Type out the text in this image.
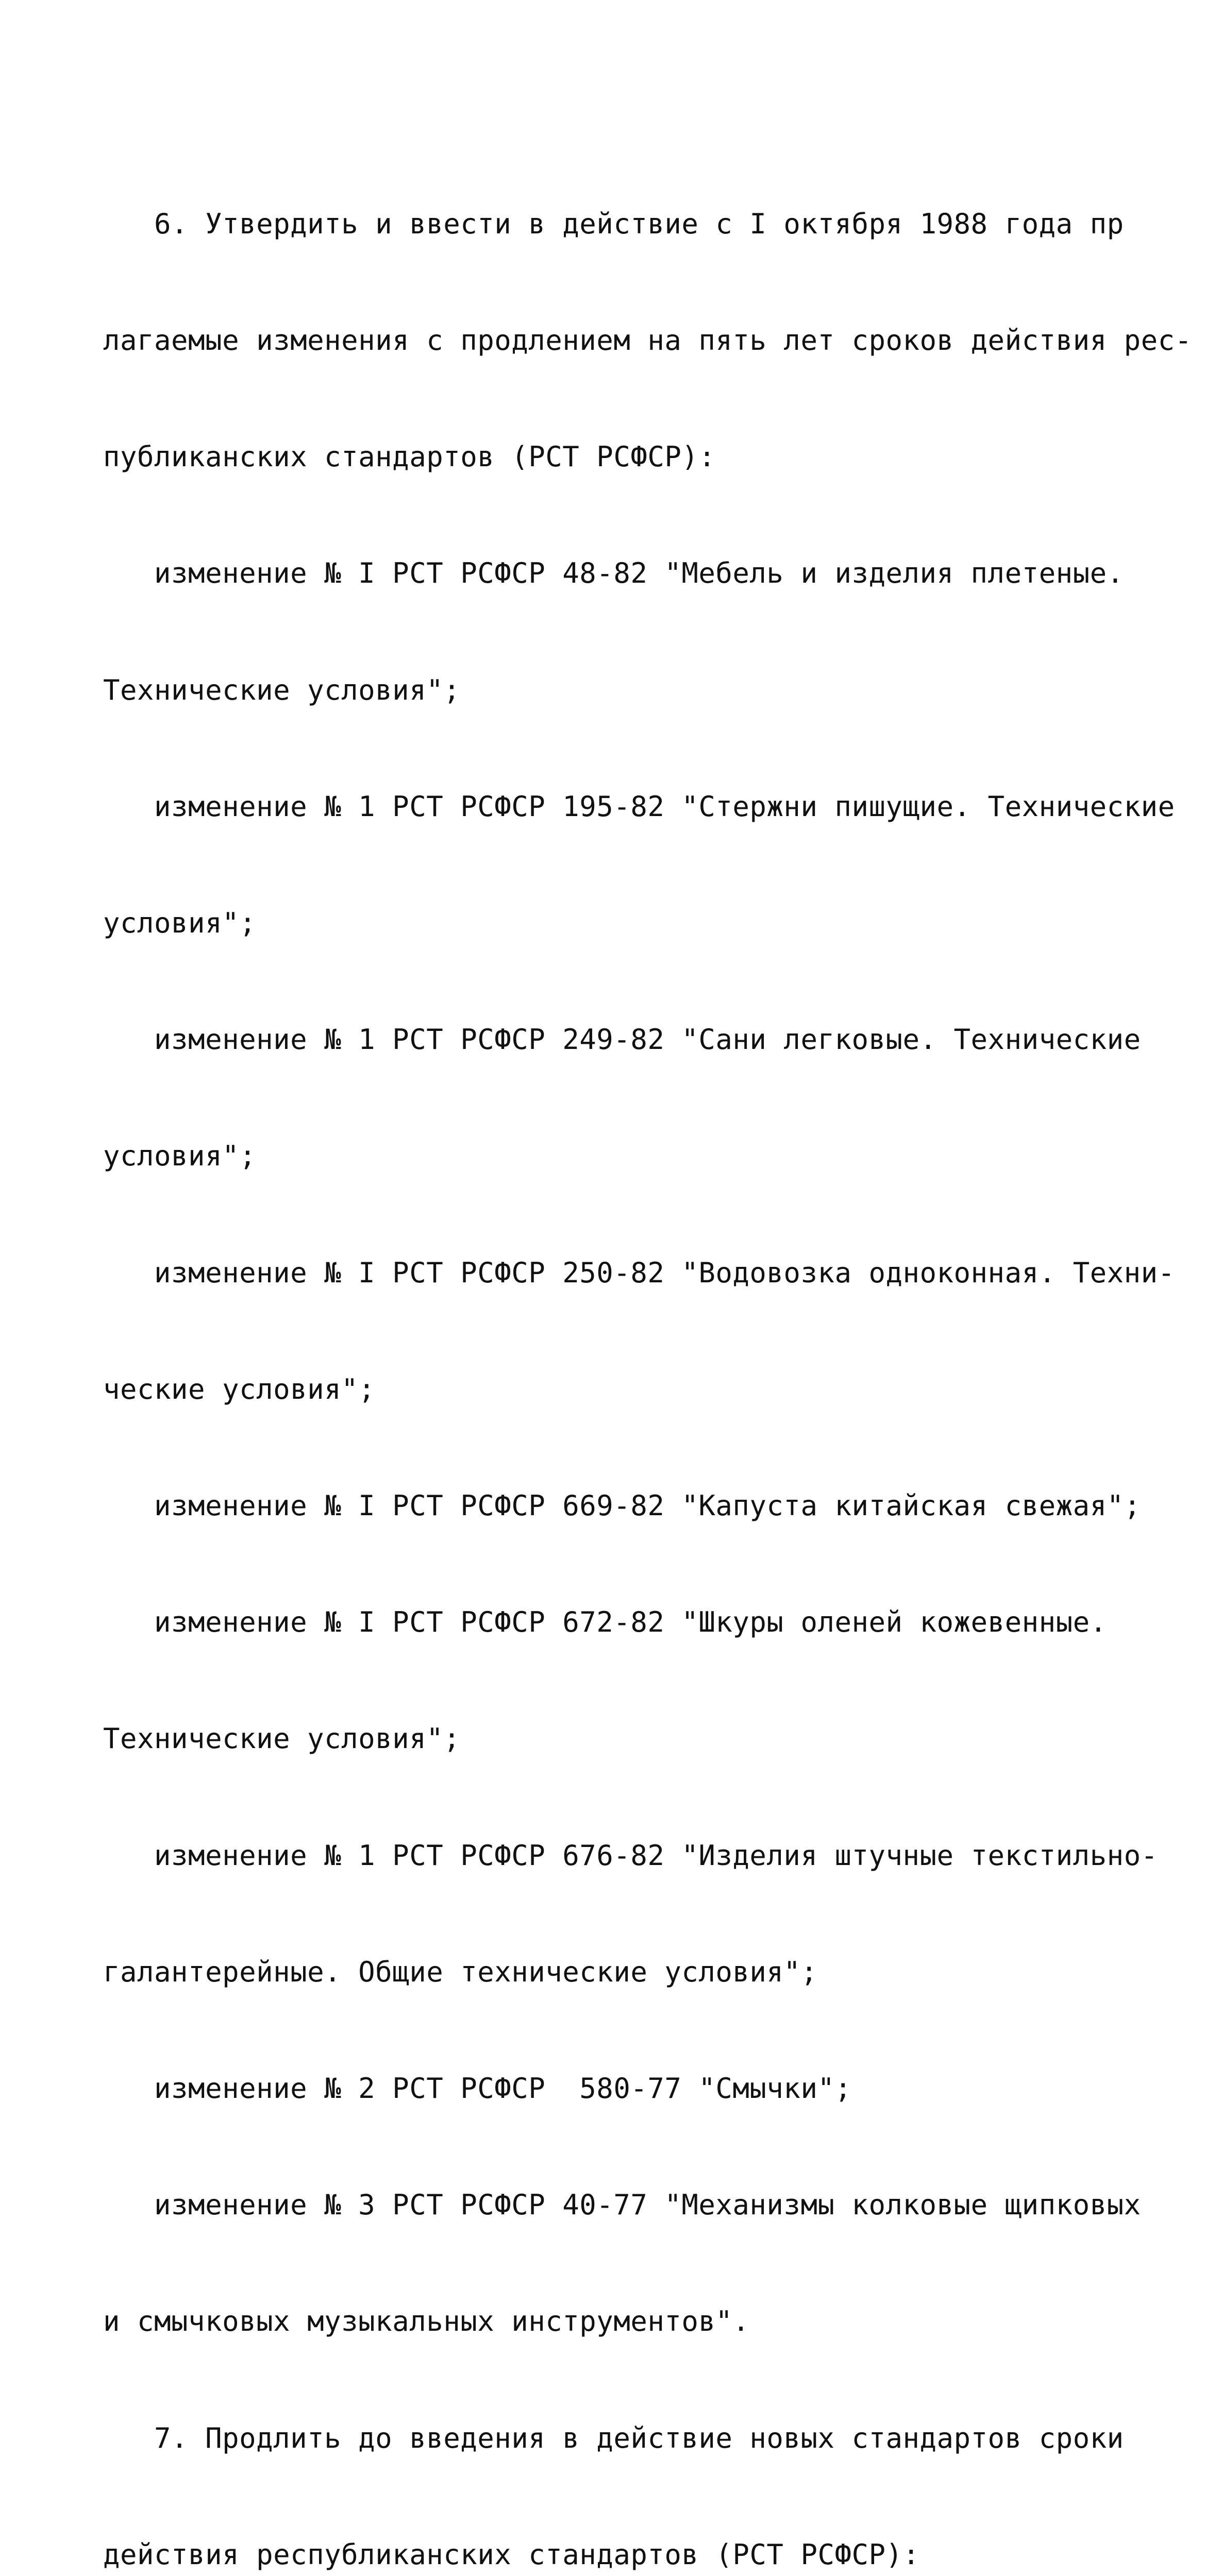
6. Утвердить и ввести в действие с I октября 1988 года пр

лагаемые изменения с продлением на пять лет сроков действия рес-

публиканских стандартов (РСТ РСФСР):

изменение № I РСТ РСФСР 48-82 "Мебель и изделия плетеные.

Технические условия";

изменение № 1 РСТ РСФСР 195-82 "Стержни пишущие. Технические

условия";

изменение № 1 РСТ РСФСР 249-82 "Сани легковые. Технические

условия";

изменение № I РСТ РСФСР 250-82 "Водовозка одноконная. Техни-

ческие условия";

изменение № I РСТ РСФСР 669-82 "Капуста китайская свежая";

изменение № I РСТ РСФСР 672-82 "Шкуры оленей кожевенные.

Технические условия";

изменение № 1 РСТ РСФСР 676-82 "Изделия штучные текстильно-

галантерейные. Общие технические условия";

изменение № 2 РСТ РСФСР  580-77 "Смычки";

изменение № 3 РСТ РСФСР 40-77 "Механизмы колковые щипковых

и смычковых музыкальных инструментов".

7. Продлить до введения в действие новых стандартов сроки

действия республиканских стандартов (РСТ РСФСР):
